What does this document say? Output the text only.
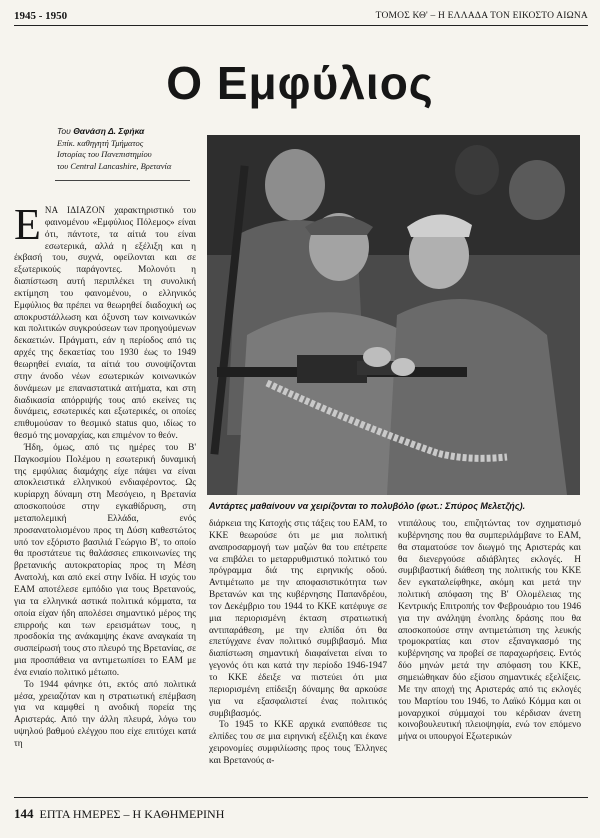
1945 - 1950	ΤΟΜΟΣ ΚΘ' – Η ΕΛΛΑΔΑ ΤΟΝ ΕΙΚΟΣΤΟ ΑΙΩΝΑ
Ο Εμφύλιος
Του Θανάση Δ. Σφήκα
Επίκ. καθηγητή Τμήματος
Ιστορίας του Πανεπιστημίου
του Central Lancashire, Βρετανία
Αντάρτες μαθαίνουν να χειρίζονται το πολυβόλο (φωτ.: Σπύρος Μελετζής).

ΕΝΑ ΙΔΙΑΖΟΝ χαρακτηριστικό του φαινομένου «Εμφύλιος Πόλεμος» είναι ότι, πάντοτε, τα αίτιά του είναι εσωτερικά, αλλά η εξέλιξη και η έκβασή του, συχνά, οφείλονται και σε εξωτερικούς παράγοντες. Μολονότι η διαπίστωση αυτή περιπλέκει τη συνολική εκτίμηση του φαινομένου, ο ελληνικός Εμφύλιος θα πρέπει να θεωρηθεί διαδοχική ως αποκρυστάλλωση και όξυνση των κοινωνικών και πολιτικών συγκρούσεων των προηγούμενων δεκαετιών. Πράγματι, εάν η περίοδος από τις αρχές της δεκαετίας του 1930 έως το 1949 θεωρηθεί ενιαία, τα αίτιά του συνοψίζονται στην άνοδο νέων εσωτερικών κοινωνικών δυνάμεων με επαναστατικά αιτήματα, και στη διαδικασία απόρριψής τους από εκείνες τις δυνάμεις, εσωτερικές και εξωτερικές, οι οποίες επιθυμούσαν το θεσμικό status quo, ιδίως το θεσμό της μοναρχίας, και επιμένον το θεόν.

Ήδη, όμως, από τις ημέρες του Β' Παγκοσμίου Πολέμου η εσωτερική δυναμική της εμφύλιας διαμάχης είχε πάψει να είναι αποκλειστικά ελληνικού ενδιαφέροντος. Ως κυρίαρχη δύναμη στη Μεσόγειο, η Βρετανία αποσκοπούσε στην εγκαθίδρυση, στη μεταπολεμική Ελλάδα, ενός προσανατολισμένου προς τη Δύση καθεστώτος υπό τον εξόριστο βασιλιά Γεώργιο Β', το οποίο θα προστάτευε τις θαλάσσιες επικοινωνίες της βρετανικής αυτοκρατορίας προς τη Μέση Ανατολή, και από εκεί στην Ινδία. Η ισχύς του ΕΑΜ αποτέλεσε εμπόδιο για τους Βρετανούς, για τα ελληνικά αστικά πολιτικά κόμματα, τα οποία είχαν ήδη απολέσει σημαντικό μέρος της επιρροής και των ερεισμάτων τους, η προσδοκία της ανάκαμψης έκανε αναγκαία τη συσπείρωσή τους στο πλευρό της Βρετανίας, σε μια προσπάθεια να αντιμετωπίσει το ΕΑΜ με ένα ενιαίο πολιτικό μέτωπο.

Το 1944 φάνηκε ότι, εκτός από πολιτικά μέσα, χρειαζόταν και η στρατιωτική επέμβαση για να καμφθεί η ανοδική πορεία της Αριστεράς. Από την άλλη πλευρά, λόγω του υψηλού βαθμού ελέγχου που είχε επιτύχει κατά τη

διάρκεια της Κατοχής στις τάξεις του ΕΑΜ, το ΚΚΕ θεωρούσε ότι με μια πολιτική αναπροσαρμογή των μαζών θα του επέτρεπε να επιβάλει το μεταρρυθμιστικό πολιτικό του πρόγραμμα διά της ειρηνικής οδού. Αντιμέτωπο με την αποφασιστικότητα των Βρετανών και της κυβέρνησης Παπανδρέου, τον Δεκέμβριο του 1944 το ΚΚΕ κατέφυγε σε μια περιορισμένη έκταση στρατιωτική αντιπαράθεση, με την ελπίδα ότι θα επετύγχανε έναν πολιτικό συμβιβασμό. Μια διαπίστωση σημαντική διαφαίνεται είναι το γεγονός ότι και κατά την περίοδο 1946-1947 το ΚΚΕ έδειξε να πιστεύει ότι μια περιορισμένη επίδειξη δύναμης θα αρκούσε για να εξασφαλιστεί ένας πολιτικός συμβιβασμός.

Το 1945 το ΚΚΕ αρχικά εναπόθεσε τις ελπίδες του σε μια ειρηνική εξέλιξη και έκανε χειρονομίες συμφιλίωσης προς τους Έλληνες και Βρετανούς α-

ντιπάλους του, επιζητώντας τον σχηματισμό κυβέρνησης που θα συμπεριλάμβανε το ΕΑΜ, θα σταματούσε τον διωγμό της Αριστεράς και θα διενεργούσε αδιάβλητες εκλογές. Η συμβιβαστική διάθεση της πολιτικής του ΚΚΕ δεν εγκαταλείφθηκε, ακόμη και μετά την πολιτική απόφαση της Β' Ολομέλειας της Κεντρικής Επιτροπής τον Φεβρουάριο του 1946 για την ανάληψη ένοπλης δράσης που θα αποσκοπούσε στην αντιμετώπιση της λευκής τρομοκρατίας και στον εξαναγκασμό της κυβέρνησης να προβεί σε παραχωρήσεις. Εντός δύο μηνών μετά την απόφαση του ΚΚΕ, σημειώθηκαν δύο εξίσου σημαντικές εξελίξεις. Με την αποχή της Αριστεράς από τις εκλογές του Μαρτίου του 1946, το Λαϊκό Κόμμα και οι μοναρχικοί σύμμαχοί του κέρδισαν άνετη κοινοβουλευτική πλειοψηφία, ενώ τον επόμενο μήνα οι υπουργοί Εξωτερικών

144 ΕΠΤΑ ΗΜΕΡΕΣ – Η ΚΑΘΗΜΕΡΙΝΗ
